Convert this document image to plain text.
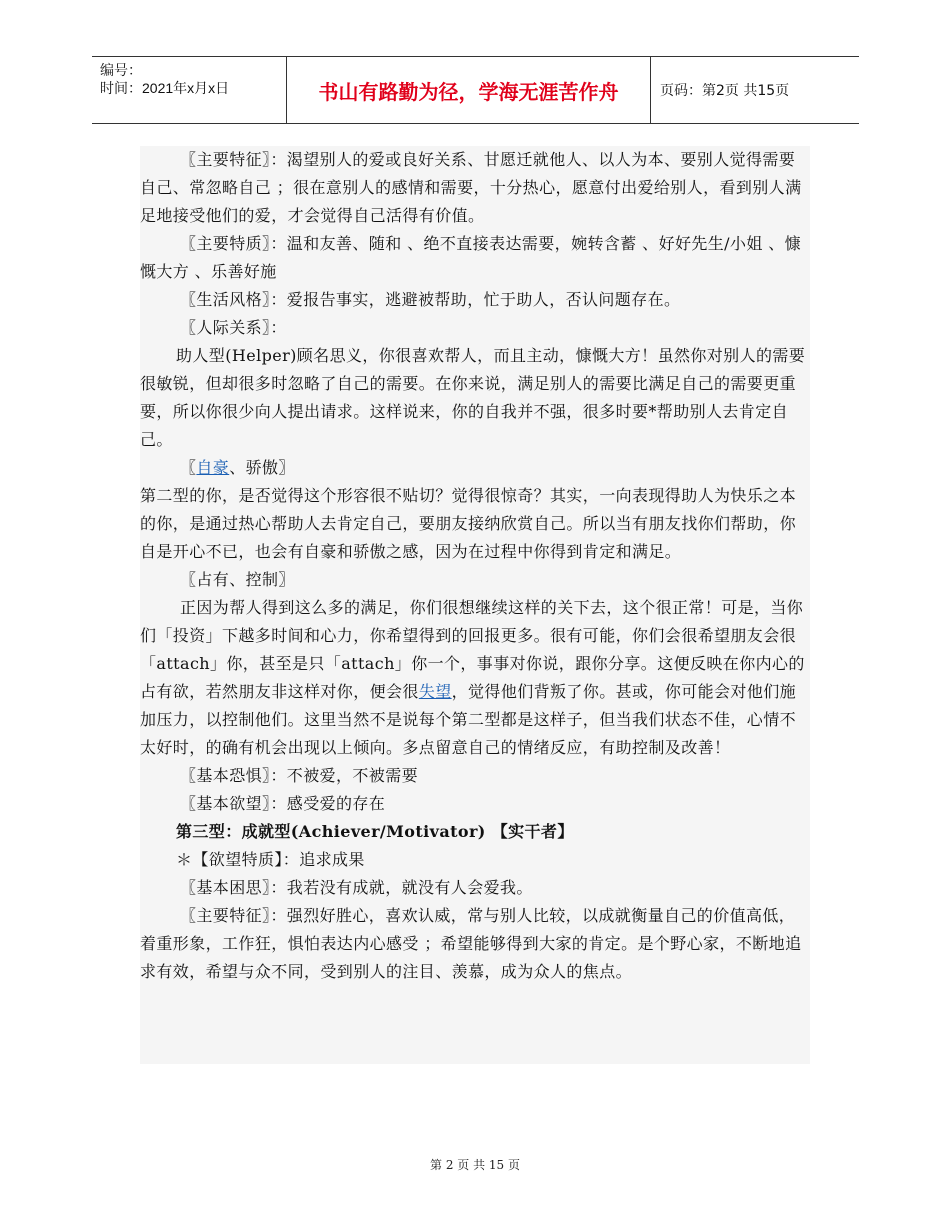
编号：
时间：2021年x月x日	书山有路勤为径，学海无涯苦作舟	页码：第2页 共15页

〖主要特征〗：渴望别人的爱或良好关系、甘愿迁就他人、以人为本、要别人觉得需要自己、常忽略自己 ；很在意别人的感情和需要，十分热心，愿意付出爱给别人，看到别人满足地接受他们的爱，才会觉得自己活得有价值。

〖主要特质〗：温和友善、随和 、绝不直接表达需要，婉转含蓄 、好好先生/小姐 、慷慨大方 、乐善好施

〖生活风格〗：爱报告事实，逃避被帮助，忙于助人，否认问题存在。

〖人际关系〗：

助人型(Helper)顾名思义，你很喜欢帮人，而且主动，慷慨大方！虽然你对别人的需要很敏锐，但却很多时忽略了自己的需要。在你来说，满足别人的需要比满足自己的需要更重要，所以你很少向人提出请求。这样说来，你的自我并不强，很多时要*帮助别人去肯定自己。

〖自豪、骄傲〗

第二型的你，是否觉得这个形容很不贴切？觉得很惊奇？其实，一向表现得助人为快乐之本的你，是通过热心帮助人去肯定自己，要朋友接纳欣赏自己。所以当有朋友找你们帮助，你自是开心不已，也会有自豪和骄傲之感，因为在过程中你得到肯定和满足。

〖占有、控制〗

正因为帮人得到这么多的满足，你们很想继续这样的关下去，这个很正常！可是，当你们「投资」下越多时间和心力，你希望得到的回报更多。很有可能，你们会很希望朋友会很「attach」你，甚至是只「attach」你一个，事事对你说，跟你分享。这便反映在你内心的占有欲，若然朋友非这样对你，便会很失望，觉得他们背叛了你。甚或，你可能会对他们施加压力，以控制他们。这里当然不是说每个第二型都是这样子，但当我们状态不佳，心情不太好时，的确有机会出现以上倾向。多点留意自己的情绪反应，有助控制及改善！

〖基本恐惧〗：不被爱，不被需要

〖基本欲望〗：感受爱的存在

第三型：成就型(Achiever/Motivator) 【实干者】

＊【欲望特质】：追求成果

〖基本困思〗：我若没有成就，就没有人会爱我。

〖主要特征〗：强烈好胜心，喜欢认威，常与别人比较，以成就衡量自己的价值高低，着重形象，工作狂，惧怕表达内心感受 ；希望能够得到大家的肯定。是个野心家，不断地追求有效，希望与众不同，受到别人的注目、羡慕，成为众人的焦点。

第 2 页 共 15 页
